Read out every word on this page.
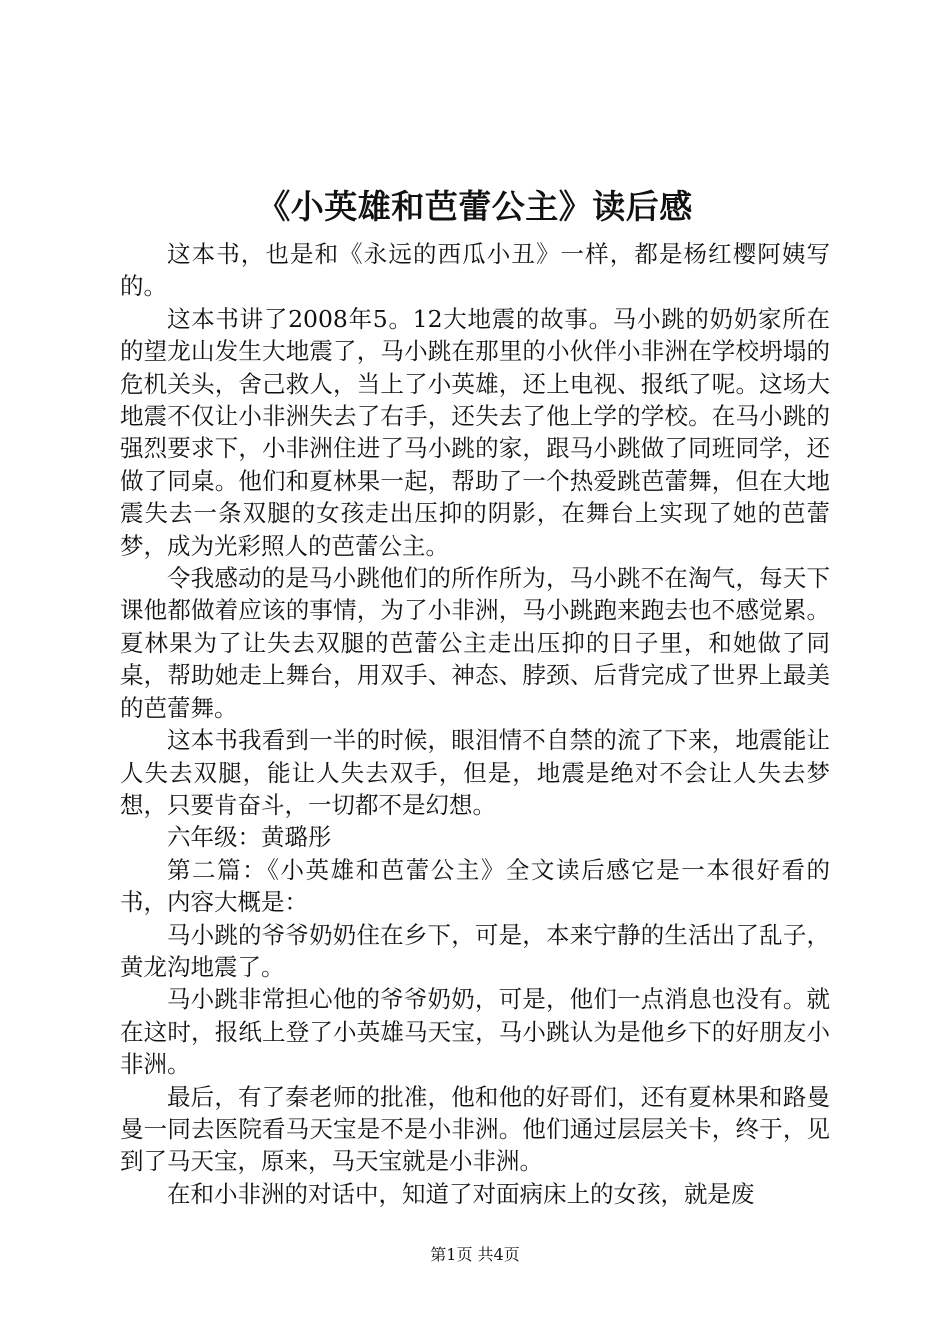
《小英雄和芭蕾公主》读后感

这本书，也是和《永远的西瓜小丑》一样，都是杨红樱阿姨写的。

这本书讲了2008年5。12大地震的故事。马小跳的奶奶家所在的望龙山发生大地震了，马小跳在那里的小伙伴小非洲在学校坍塌的危机关头，舍己救人，当上了小英雄，还上电视、报纸了呢。这场大地震不仅让小非洲失去了右手，还失去了他上学的学校。在马小跳的强烈要求下，小非洲住进了马小跳的家，跟马小跳做了同班同学，还做了同桌。他们和夏林果一起，帮助了一个热爱跳芭蕾舞，但在大地震失去一条双腿的女孩走出压抑的阴影，在舞台上实现了她的芭蕾梦，成为光彩照人的芭蕾公主。

令我感动的是马小跳他们的所作所为，马小跳不在淘气，每天下课他都做着应该的事情，为了小非洲，马小跳跑来跑去也不感觉累。夏林果为了让失去双腿的芭蕾公主走出压抑的日子里，和她做了同桌，帮助她走上舞台，用双手、神态、脖颈、后背完成了世界上最美的芭蕾舞。

这本书我看到一半的时候，眼泪情不自禁的流了下来，地震能让人失去双腿，能让人失去双手，但是，地震是绝对不会让人失去梦想，只要肯奋斗，一切都不是幻想。

六年级：黄璐彤

第二篇：《小英雄和芭蕾公主》全文读后感它是一本很好看的书，内容大概是：

马小跳的爷爷奶奶住在乡下，可是，本来宁静的生活出了乱子，黄龙沟地震了。

马小跳非常担心他的爷爷奶奶，可是，他们一点消息也没有。就在这时，报纸上登了小英雄马天宝，马小跳认为是他乡下的好朋友小非洲。

最后，有了秦老师的批准，他和他的好哥们，还有夏林果和路曼曼一同去医院看马天宝是不是小非洲。他们通过层层关卡，终于，见到了马天宝，原来，马天宝就是小非洲。

在和小非洲的对话中，知道了对面病床上的女孩，就是废

第1页 共4页
